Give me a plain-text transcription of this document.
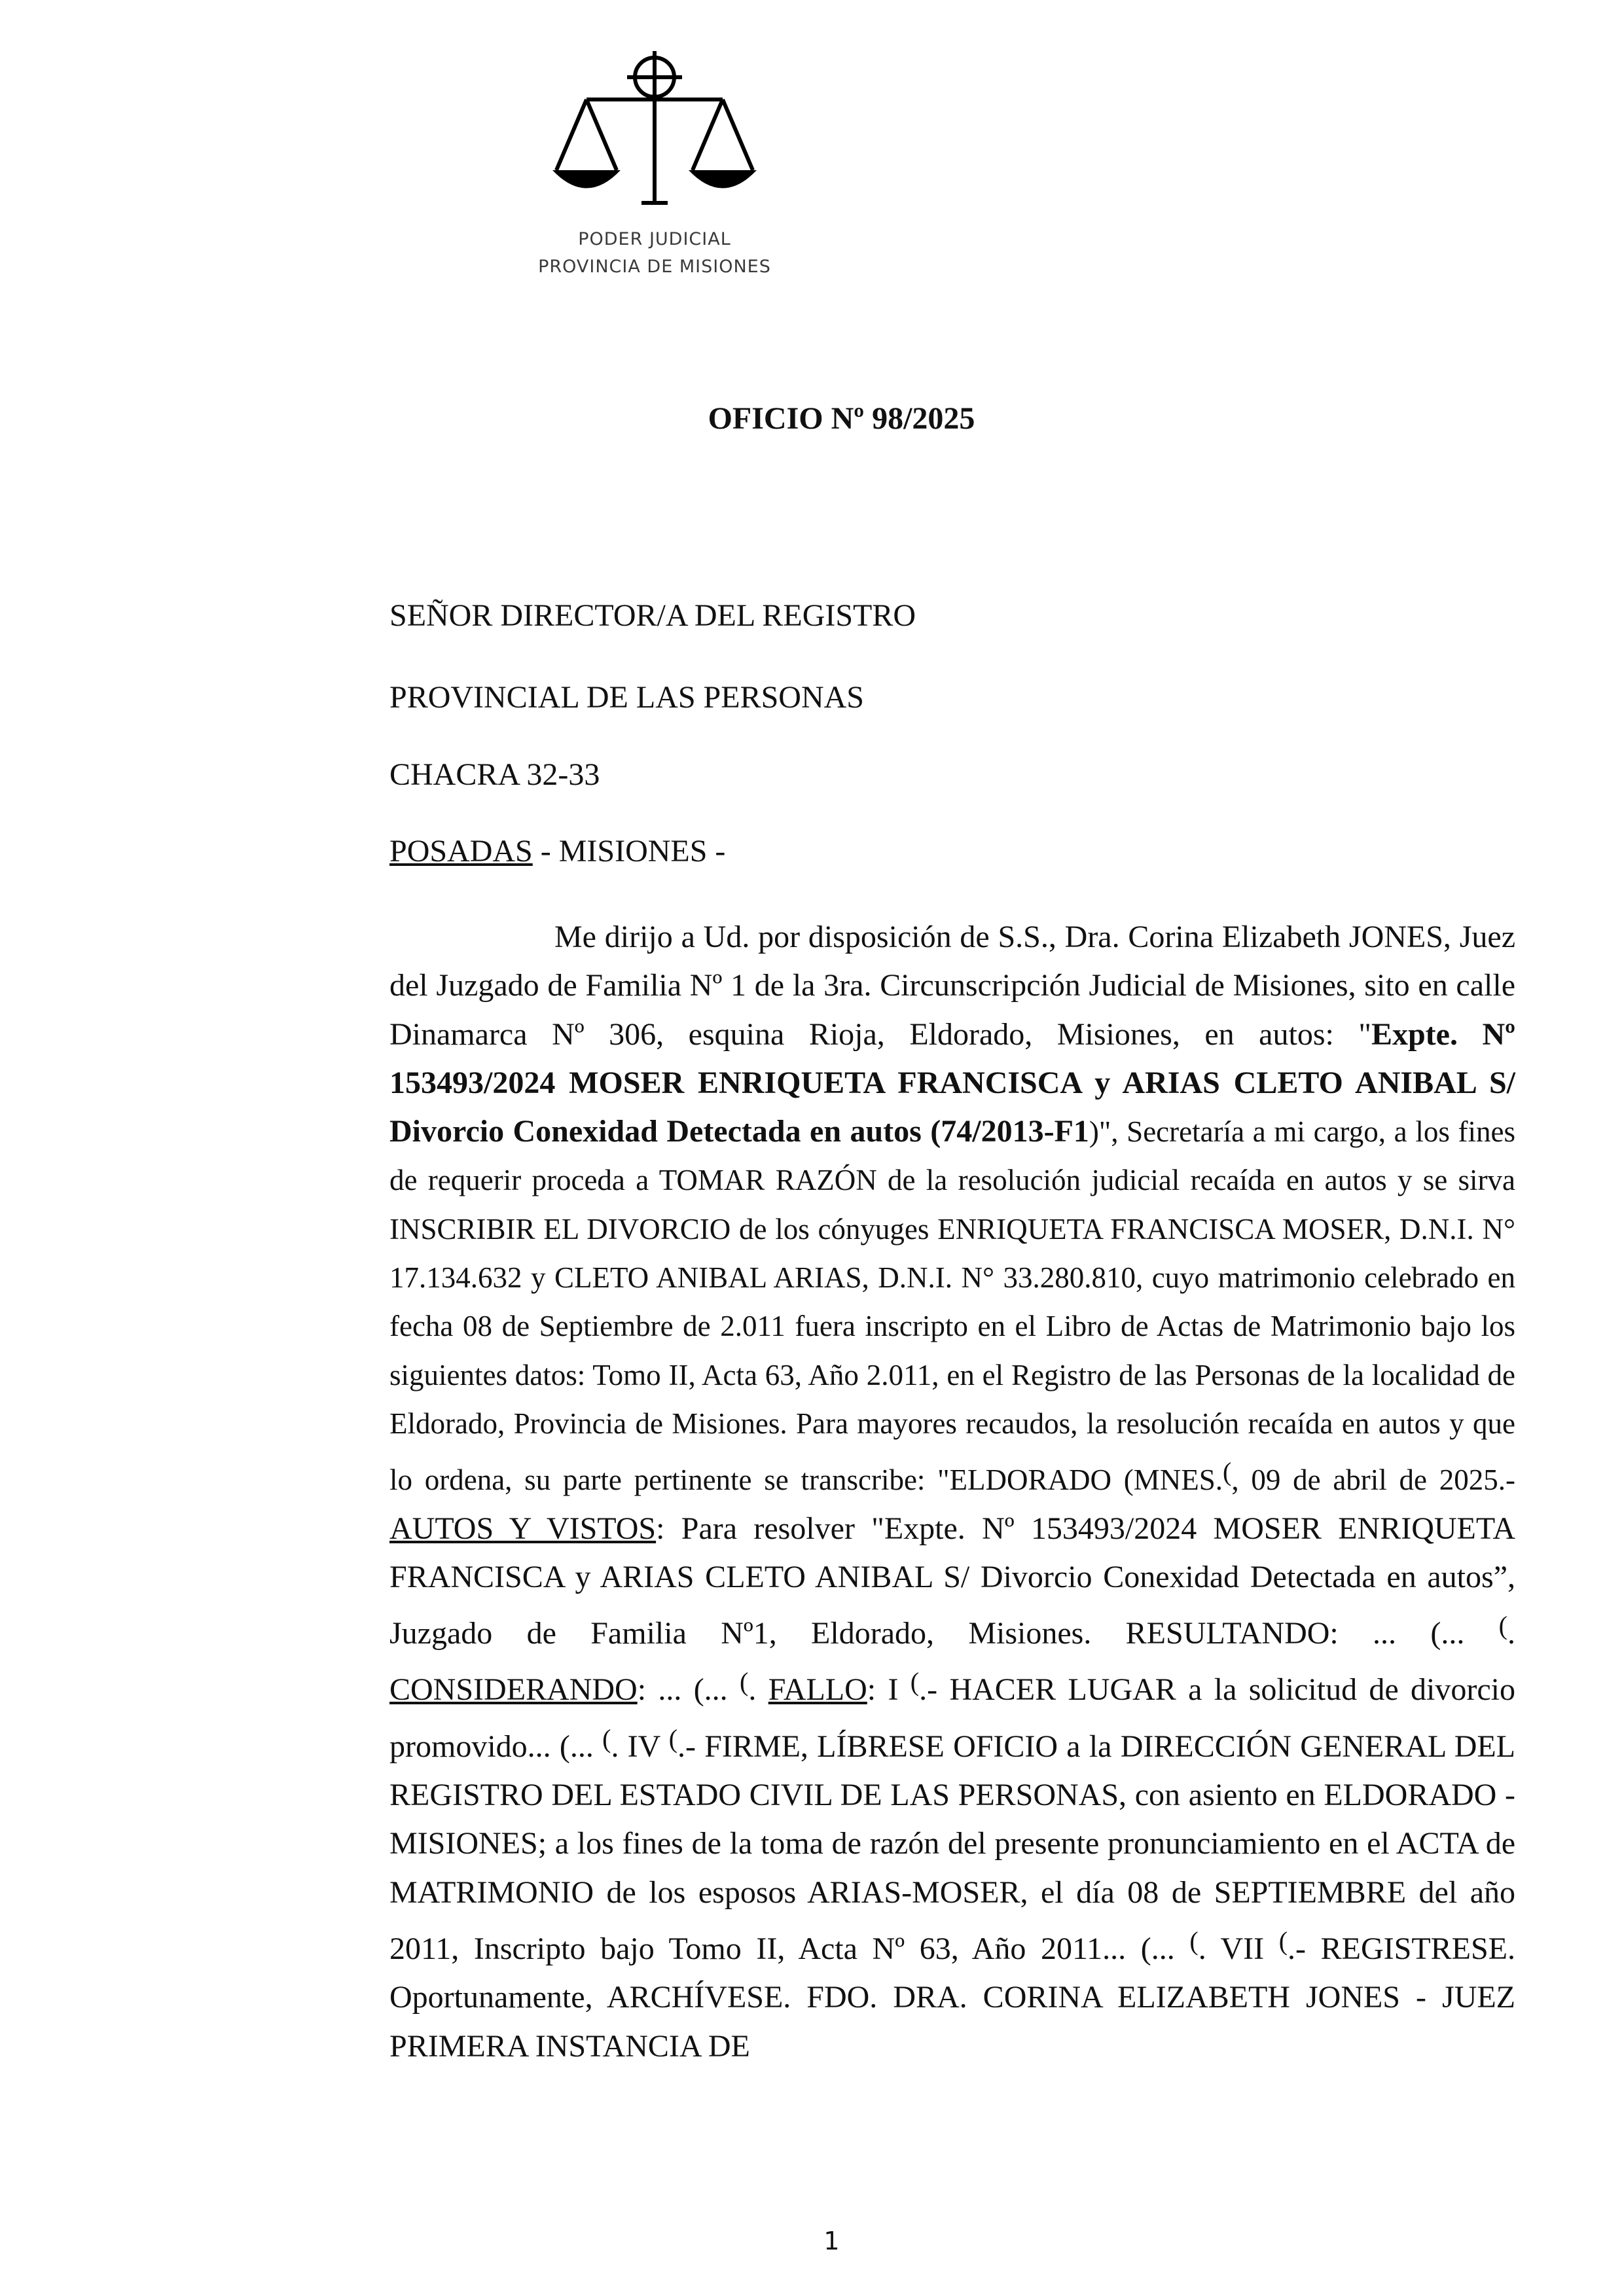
PODER JUDICIAL
PROVINCIA DE MISIONES

OFICIO Nº 98/2025

SEÑOR DIRECTOR/A DEL REGISTRO

PROVINCIAL DE LAS PERSONAS

CHACRA 32-33

POSADAS - MISIONES -

Me dirijo a Ud. por disposición de S.S., Dra. Corina Elizabeth JONES, Juez del Juzgado de Familia Nº 1 de la 3ra. Circunscripción Judicial de Misiones, sito en calle Dinamarca Nº 306, esquina Rioja, Eldorado, Misiones, en autos: "Expte. Nº 153493/2024 MOSER ENRIQUETA FRANCISCA y ARIAS CLETO ANIBAL S/ Divorcio Conexidad Detectada en autos (74/2013-F1)", Secretaría a mi cargo, a los fines de requerir proceda a TOMAR RAZÓN de la resolución judicial recaída en autos y se sirva INSCRIBIR EL DIVORCIO de los cónyuges ENRIQUETA FRANCISCA MOSER, D.N.I. N° 17.134.632 y CLETO ANIBAL ARIAS, D.N.I. N° 33.280.810, cuyo matrimonio celebrado en fecha 08 de Septiembre de 2.011 fuera inscripto en el Libro de Actas de Matrimonio bajo los siguientes datos: Tomo II, Acta 63, Año 2.011, en el Registro de las Personas de la localidad de Eldorado, Provincia de Misiones. Para mayores recaudos, la resolución recaída en autos y que lo ordena, su parte pertinente se transcribe: "ELDORADO (MNES.(, 09 de abril de 2025.- AUTOS Y VISTOS: Para resolver "Expte. Nº 153493/2024 MOSER ENRIQUETA FRANCISCA y ARIAS CLETO ANIBAL S/ Divorcio Conexidad Detectada en autos”, Juzgado de Familia Nº1, Eldorado, Misiones. RESULTANDO: ... (... (. CONSIDERANDO: ... (... (. FALLO: I (.- HACER LUGAR a la solicitud de divorcio promovido... (... (. IV (.- FIRME, LÍBRESE OFICIO a la DIRECCIÓN GENERAL DEL REGISTRO DEL ESTADO CIVIL DE LAS PERSONAS, con asiento en ELDORADO - MISIONES; a los fines de la toma de razón del presente pronunciamiento en el ACTA de MATRIMONIO de los esposos ARIAS-MOSER, el día 08 de SEPTIEMBRE del año 2011, Inscripto bajo Tomo II, Acta Nº 63, Año 2011... (... (. VII (.- REGISTRESE. Oportunamente, ARCHÍVESE. FDO. DRA. CORINA ELIZABETH JONES - JUEZ PRIMERA INSTANCIA DE

1
